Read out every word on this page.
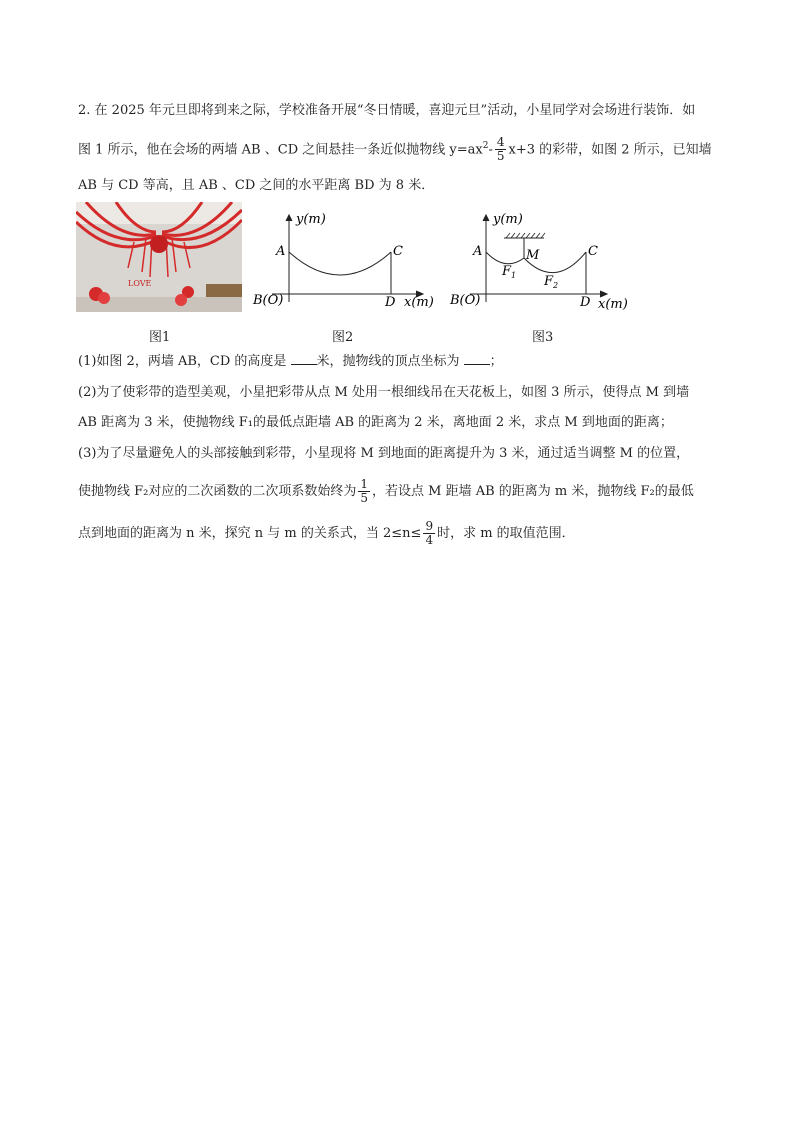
2. 在 2025 年元旦即将到来之际，学校准备开展“冬日情暖，喜迎元旦”活动，小星同学对会场进行装饰．如
图 1 所示，他在会场的两墙 AB 、CD 之间悬挂一条近似抛物线 $y=ax^2- \frac{4}{5} x+3$ 的彩带，如图 2 所示，已知墙
AB 与 CD 等高，且 AB 、CD 之间的水平距离 BD 为 8 米．
LOVE
y(m)
A	C
B(O)	D x(m)
y(m)
A	M	C
$F_1$ $F_2$
B(O)	D x(m)
图1	图2	图3
(1)如图 2，两墙 AB，CD 的高度是 米，抛物线的顶点坐标为 ；
(2)为了使彩带的造型美观，小星把彩带从点 M 处用一根细线吊在天花板上，如图 3 所示，使得点 M 到墙
AB 距离为 3 米，使抛物线 F₁的最低点距墙 AB 的距离为 2 米，离地面 2 米，求点 M 到地面的距离；
(3)为了尽量避免人的头部接触到彩带，小星现将 M 到地面的距离提升为 3 米，通过适当调整 M 的位置，
使抛物线 F₂对应的二次函数的二次项系数始终为 $\frac{1}{5}$ ，若设点 M 距墙 AB 的距离为 m 米，抛物线 F₂的最低
点到地面的距离为 n 米，探究 n 与 m 的关系式，当 $2\le n\le \frac{9}{4}$ 时，求 m 的取值范围．
